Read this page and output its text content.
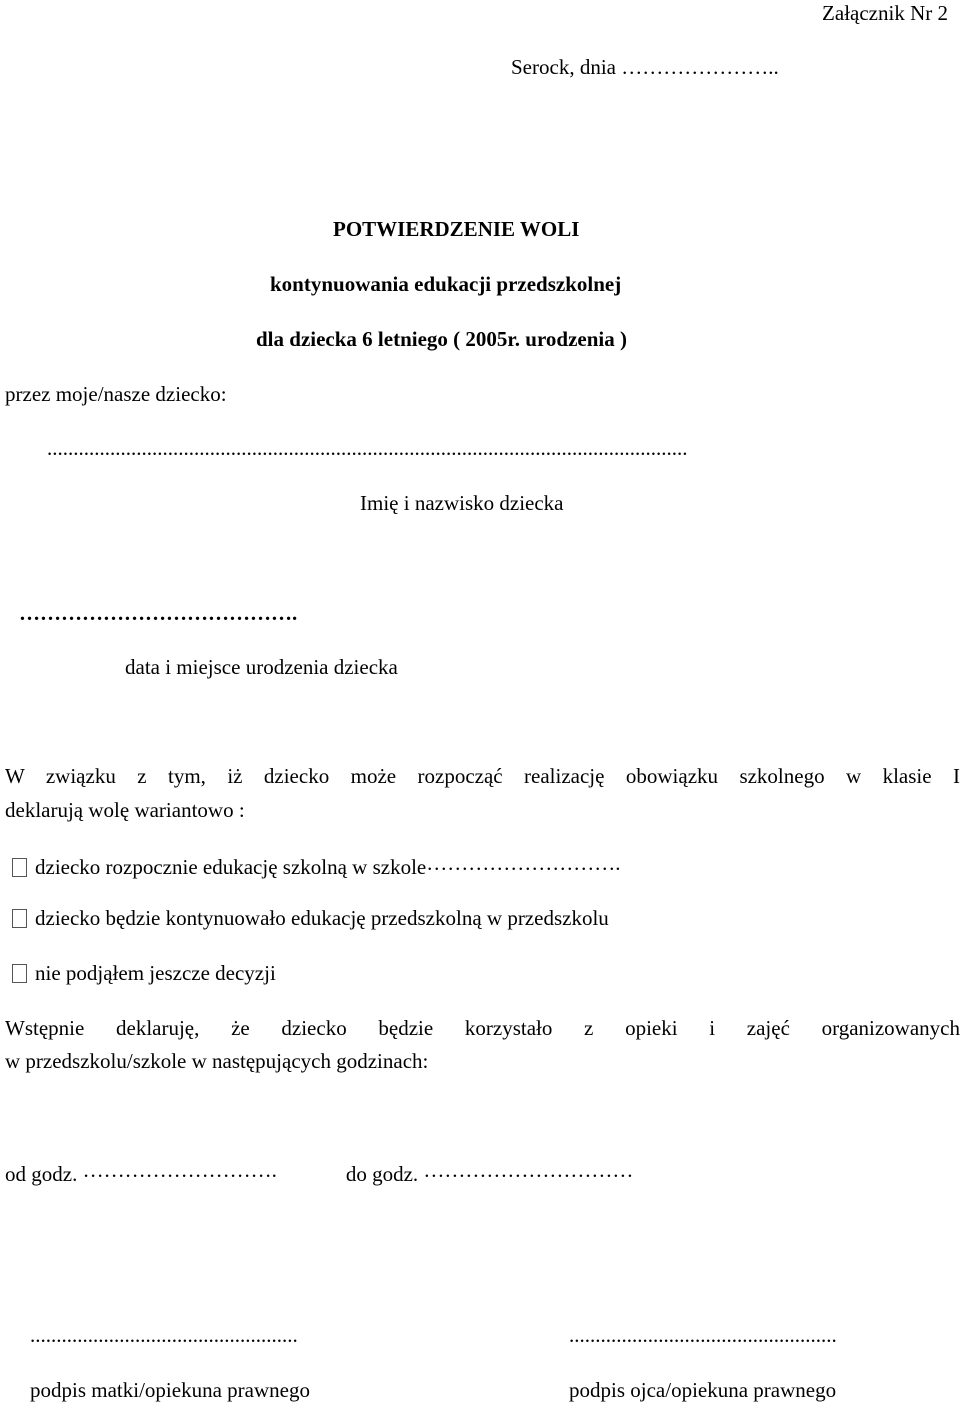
Załącznik Nr 2
Serock, dnia …………………..
POTWIERDZENIE WOLI
kontynuowania edukacji przedszkolnej
dla dziecka 6 letniego ( 2005r. urodzenia )
przez moje/nasze dziecko:
..........................................................................................................................
Imię i nazwisko dziecka
………………………………….
data i miejsce urodzenia dziecka
W związku z tym, iż dziecko może rozpocząć realizację obowiązku szkolnego w klasie I
deklarują wolę wariantowo :
dziecko rozpocznie edukację szkolną w szkole……………………….
dziecko będzie kontynuowało edukację przedszkolną w przedszkolu
nie podjąłem jeszcze decyzji
Wstępnie deklaruję, że dziecko będzie korzystało z opieki i zajęć organizowanych
w przedszkolu/szkole w następujących godzinach:
od godz. ……………………….	do godz. …………………………
...................................................
podpis matki/opiekuna prawnego
...................................................
podpis ojca/opiekuna prawnego
